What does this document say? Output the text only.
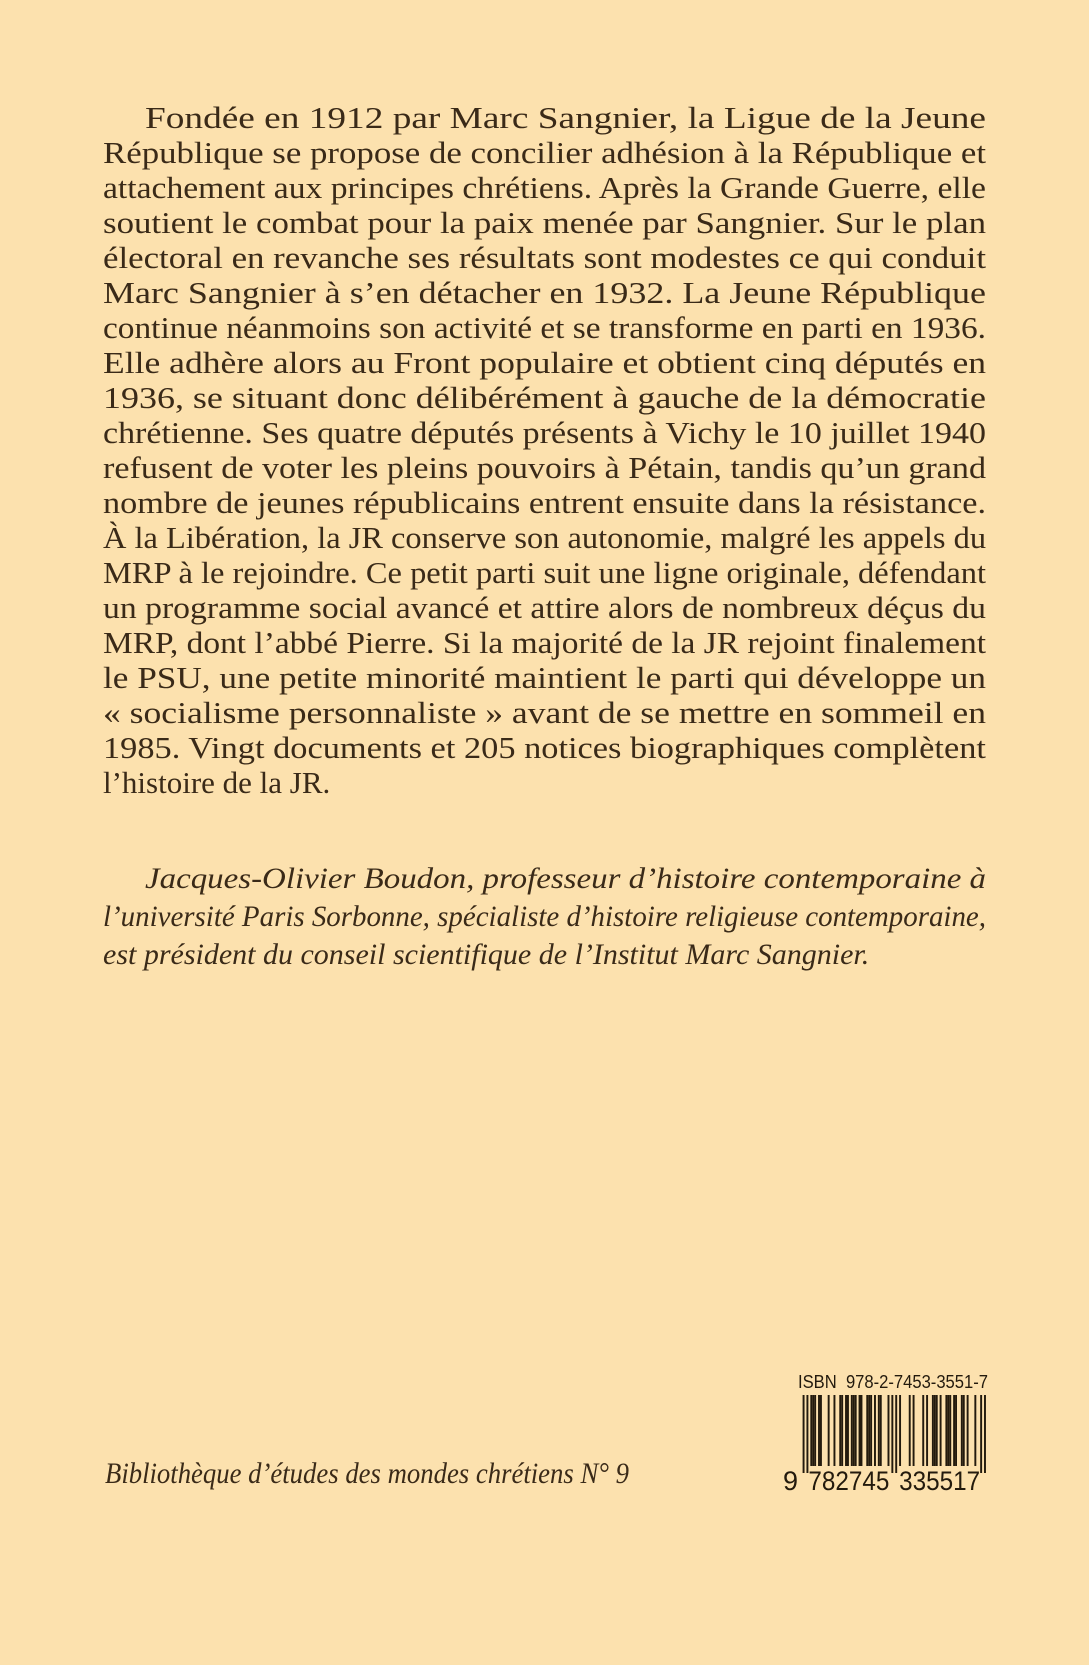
Fondée en 1912 par Marc Sangnier, la Ligue de la Jeune
République se propose de concilier adhésion à la République et
attachement aux principes chrétiens. Après la Grande Guerre, elle
soutient le combat pour la paix menée par Sangnier. Sur le plan
électoral en revanche ses résultats sont modestes ce qui conduit
Marc Sangnier à s’en détacher en 1932. La Jeune République
continue néanmoins son activité et se transforme en parti en 1936.
Elle adhère alors au Front populaire et obtient cinq députés en
1936, se situant donc délibérément à gauche de la démocratie
chrétienne. Ses quatre députés présents à Vichy le 10 juillet 1940
refusent de voter les pleins pouvoirs à Pétain, tandis qu’un grand
nombre de jeunes républicains entrent ensuite dans la résistance.
À la Libération, la JR conserve son autonomie, malgré les appels du
MRP à le rejoindre. Ce petit parti suit une ligne originale, défendant
un programme social avancé et attire alors de nombreux déçus du
MRP, dont l’abbé Pierre. Si la majorité de la JR rejoint finalement
le PSU, une petite minorité maintient le parti qui développe un
« socialisme personnaliste » avant de se mettre en sommeil en
1985. Vingt documents et 205 notices biographiques complètent
l’histoire de la JR.
Jacques-Olivier Boudon, professeur d’histoire contemporaine à
l’université Paris Sorbonne, spécialiste d’histoire religieuse contemporaine,
est président du conseil scientifique de l’Institut Marc Sangnier.
Bibliothèque d’études des mondes chrétiens N° 9
ISBN  978-2-7453-3551-7
9 782745 335517
